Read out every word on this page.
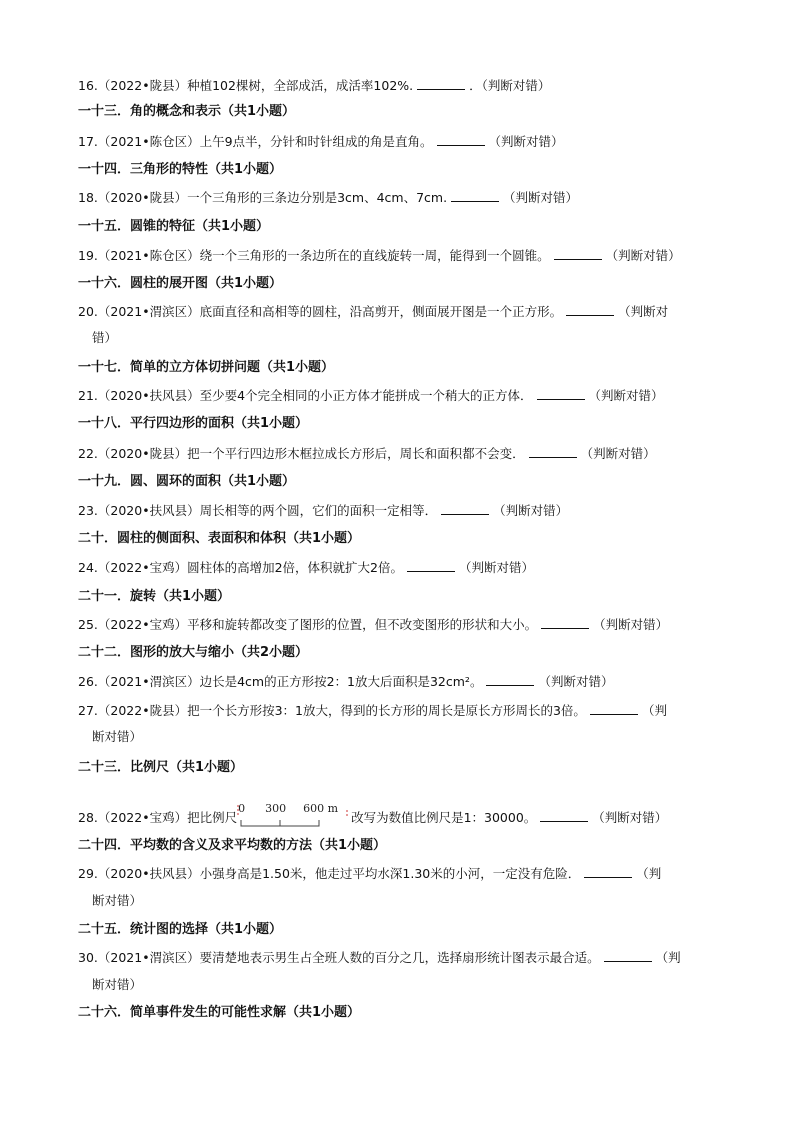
16.（2022•陇县）种植102棵树，全部成活，成活率102%.	．（判断对错）
一十三．角的概念和表示（共1小题）
17.（2021•陈仓区）上午9点半，分针和时针组成的角是直角。	（判断对错）
一十四．三角形的特性（共1小题）
18.（2020•陇县）一个三角形的三条边分别是3cm、4cm、7cm.	（判断对错）
一十五．圆锥的特征（共1小题）
19.（2021•陈仓区）绕一个三角形的一条边所在的直线旋转一周，能得到一个圆锥。	（判断对错）
一十六．圆柱的展开图（共1小题）
20.（2021•渭滨区）底面直径和高相等的圆柱，沿高剪开，侧面展开图是一个正方形。	（判断对
错）
一十七．简单的立方体切拼问题（共1小题）
21.（2020•扶风县）至少要4个完全相同的小正方体才能拼成一个稍大的正方体．	（判断对错）
一十八．平行四边形的面积（共1小题）
22.（2020•陇县）把一个平行四边形木框拉成长方形后，周长和面积都不会变．	（判断对错）
一十九．圆、圆环的面积（共1小题）
23.（2020•扶风县）周长相等的两个圆，它们的面积一定相等．	（判断对错）
二十．圆柱的侧面积、表面积和体积（共1小题）
24.（2022•宝鸡）圆柱体的高增加2倍，体积就扩大2倍。	（判断对错）
二十一．旋转（共1小题）
25.（2022•宝鸡）平移和旋转都改变了图形的位置，但不改变图形的形状和大小。	（判断对错）
二十二．图形的放大与缩小（共2小题）
26.（2021•渭滨区）边长是4cm的正方形按2：1放大后面积是32cm²。	（判断对错）
27.（2022•陇县）把一个长方形按3：1放大，得到的长方形的周长是原长方形周长的3倍。	（判
断对错）
二十三．比例尺（共1小题）
28.（2022•宝鸡）把比例尺
0 300 600 m
改写为数值比例尺是1：30000。	（判断对错）
二十四．平均数的含义及求平均数的方法（共1小题）
29.（2020•扶风县）小强身高是1.50米，他走过平均水深1.30米的小河，一定没有危险．	（判
断对错）
二十五．统计图的选择（共1小题）
30.（2021•渭滨区）要清楚地表示男生占全班人数的百分之几，选择扇形统计图表示最合适。	（判
断对错）
二十六．简单事件发生的可能性求解（共1小题）
